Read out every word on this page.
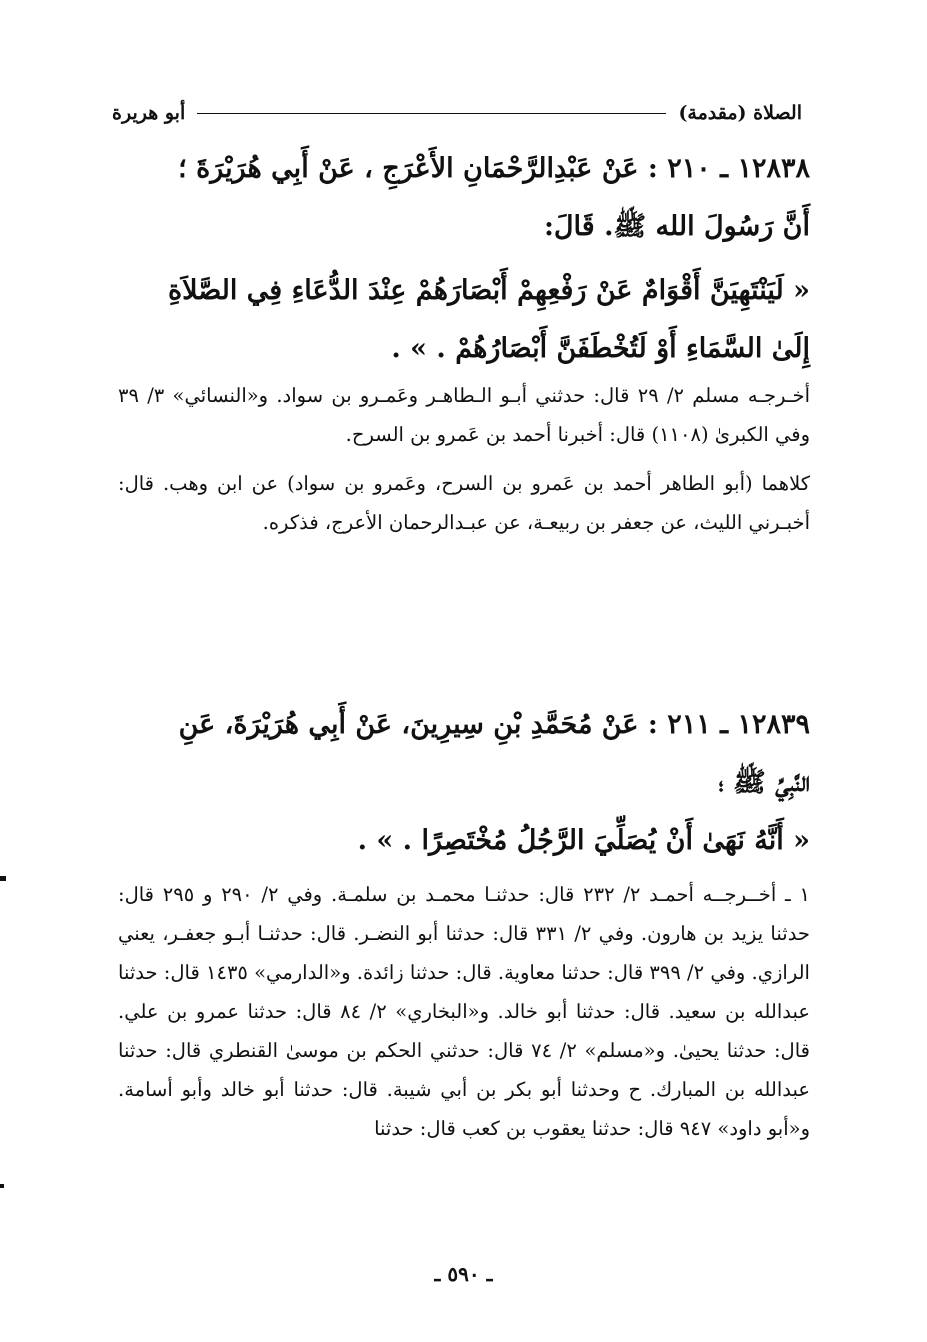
الصلاة (مقدمة)
أبو هريرة

١٢٨٣٨ ـ ٢١٠ : عَنْ عَبْدِالرَّحْمَانِ الأَعْرَجِ ، عَنْ أَبِي هُرَيْرَةَ ؛

أَنَّ رَسُولَ الله ﷺ. قَالَ:

« لَيَنْتَهِيَنَّ أَقْوَامٌ عَنْ رَفْعِهِمْ أَبْصَارَهُمْ عِنْدَ الدُّعَاءِ فِي الصَّلاَةِ

إِلَىٰ السَّمَاءِ أَوْ لَتُخْطَفَنَّ أَبْصَارُهُمْ . » .

أخـرجـه مسلم ٢/ ٢٩ قال: حدثني أبـو الـطاهـر وعَمـرو بن سواد. و«النسائي» ٣/ ٣٩ وفي الكبرىٰ (١١٠٨) قال: أخبرنا أحمد بن عَمرو بن السرح.

كلاهما (أبو الطاهر أحمد بن عَمرو بن السرح، وعَمرو بن سواد) عن ابن وهب. قال: أخبـرني الليث، عن جعفر بن ربيعـة، عن عبـدالرحمان الأعرج، فذكره.

١٢٨٣٩ ـ ٢١١ : عَنْ مُحَمَّدِ بْنِ سِيرِينَ، عَنْ أَبِي هُرَيْرَةَ، عَنِ

النَّبِيِّ ﷺ ؛

« أَنَّهُ نَهَىٰ أَنْ يُصَلِّيَ الرَّجُلُ مُخْتَصِرًا . » .

١ ـ أخــرجــه أحمـد ٢/ ٢٣٢ قال: حدثنـا محمـد بن سلمـة. وفي ٢/ ٢٩٠ و ٢٩٥ قال: حدثنا يزيد بن هارون. وفي ٢/ ٣٣١ قال: حدثنا أبو النضـر. قال: حدثنـا أبـو جعفـر، يعني الرازي. وفي ٢/ ٣٩٩ قال: حدثنا معاوية. قال: حدثنا زائدة. و«الدارمي» ١٤٣٥ قال: حدثنا عبدالله بن سعيد. قال: حدثنا أبو خالد. و«البخاري» ٢/ ٨٤ قال: حدثنا عمرو بن علي. قال: حدثنا يحيىٰ. و«مسلم» ٢/ ٧٤ قال: حدثني الحكم بن موسىٰ القنطري قال: حدثنا عبدالله بن المبارك. ح وحدثنا أبو بكر بن أبي شيبة. قال: حدثنا أبو خالد وأبو أسامة. و«أبو داود» ٩٤٧ قال: حدثنا يعقوب بن كعب قال: حدثنا

ـ ٥٩٠ ـ
